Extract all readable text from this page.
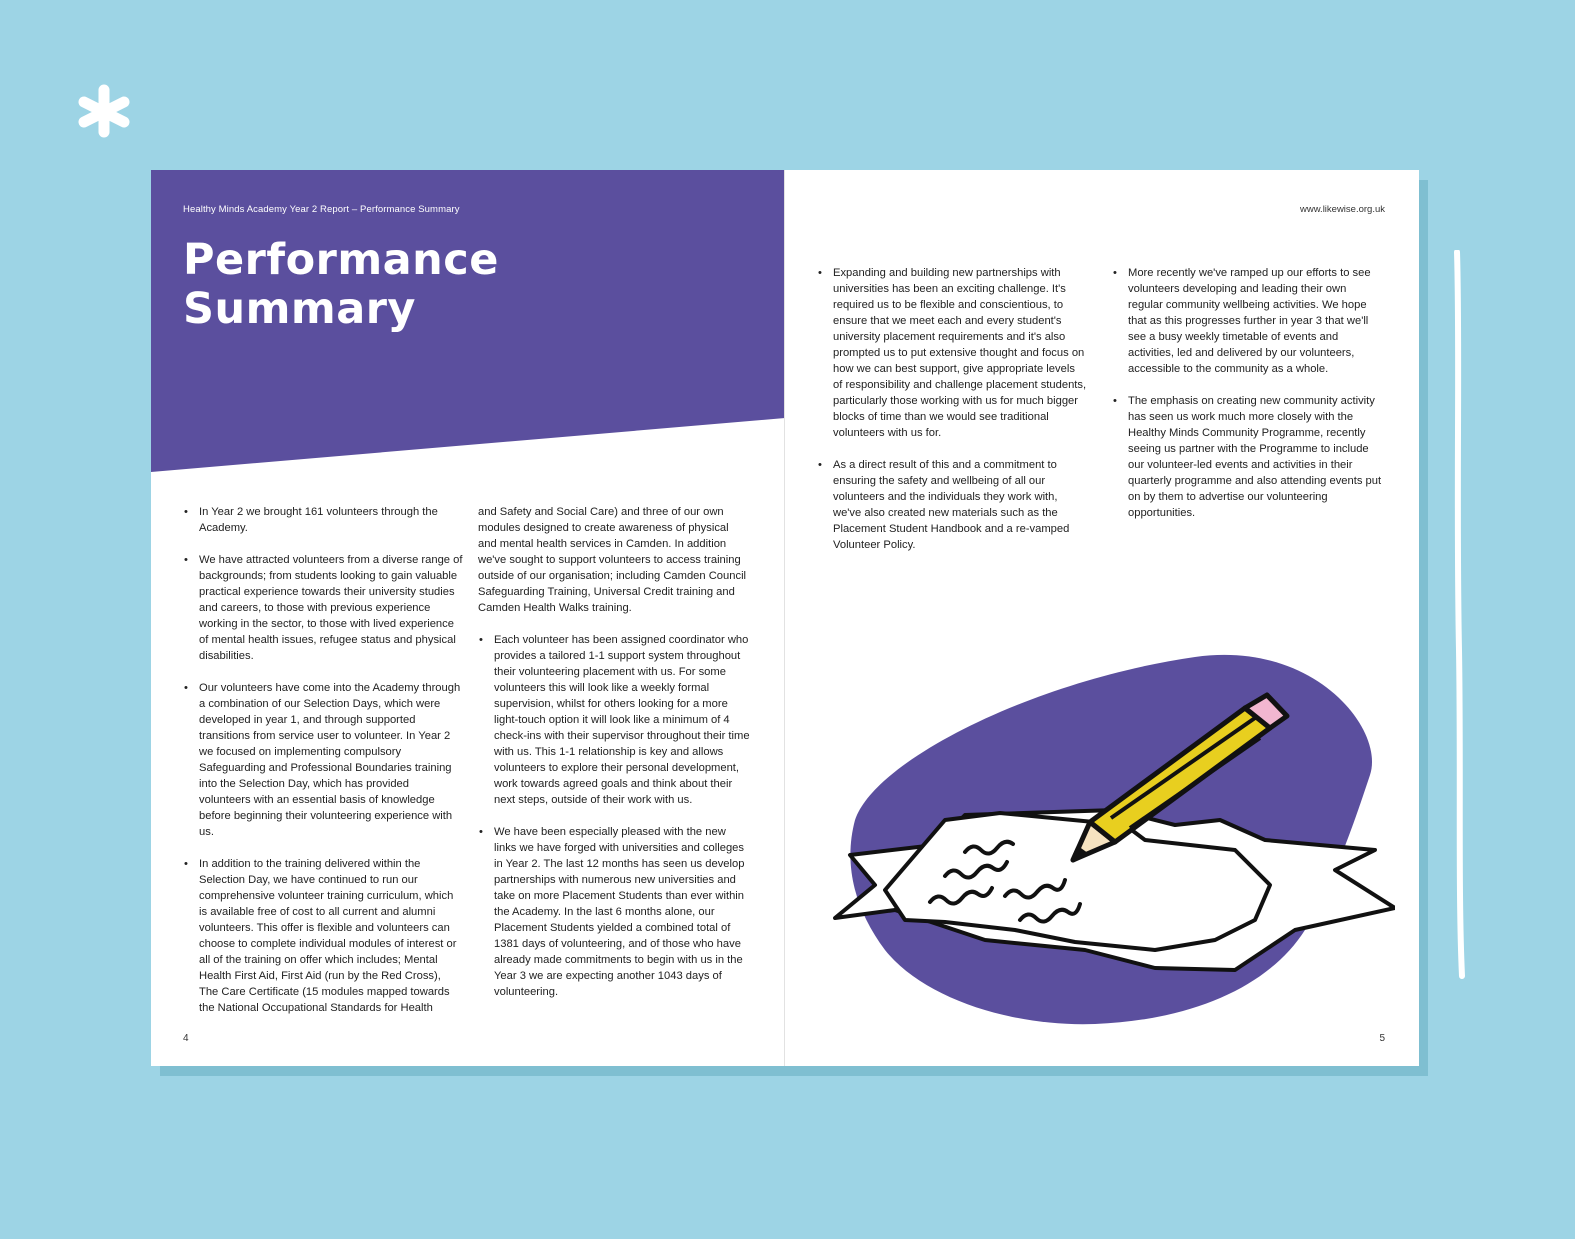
Healthy Minds Academy Year 2 Report – Performance Summary
Performance
Summary
• In Year 2 we brought 161 volunteers through the Academy.
• We have attracted volunteers from a diverse range of backgrounds; from students looking to gain valuable practical experience towards their university studies and careers, to those with previous experience working in the sector, to those with lived experience of mental health issues, refugee status and physical disabilities.
• Our volunteers have come into the Academy through a combination of our Selection Days, which were developed in year 1, and through supported transitions from service user to volunteer. In Year 2 we focused on implementing compulsory Safeguarding and Professional Boundaries training into the Selection Day, which has provided volunteers with an essential basis of knowledge before beginning their volunteering experience with us.
• In addition to the training delivered within the Selection Day, we have continued to run our comprehensive volunteer training curriculum, which is available free of cost to all current and alumni volunteers. This offer is flexible and volunteers can choose to complete individual modules of interest or all of the training on offer which includes; Mental Health First Aid, First Aid (run by the Red Cross), The Care Certificate (15 modules mapped towards the National Occupational Standards for Health
and Safety and Social Care) and three of our own modules designed to create awareness of physical and mental health services in Camden. In addition we've sought to support volunteers to access training outside of our organisation; including Camden Council Safeguarding Training, Universal Credit training and Camden Health Walks training.
• Each volunteer has been assigned coordinator who provides a tailored 1-1 support system throughout their volunteering placement with us. For some volunteers this will look like a weekly formal supervision, whilst for others looking for a more light-touch option it will look like a minimum of 4 check-ins with their supervisor throughout their time with us. This 1-1 relationship is key and allows volunteers to explore their personal development, work towards agreed goals and think about their next steps, outside of their work with us.
• We have been especially pleased with the new links we have forged with universities and colleges in Year 2. The last 12 months has seen us develop partnerships with numerous new universities and take on more Placement Students than ever within the Academy. In the last 6 months alone, our Placement Students yielded a combined total of 1381 days of volunteering, and of those who have already made commitments to begin with us in the Year 3 we are expecting another 1043 days of volunteering.
4
www.likewise.org.uk
• Expanding and building new partnerships with universities has been an exciting challenge. It's required us to be flexible and conscientious, to ensure that we meet each and every student's university placement requirements and it's also prompted us to put extensive thought and focus on how we can best support, give appropriate levels of responsibility and challenge placement students, particularly those working with us for much bigger blocks of time than we would see traditional volunteers with us for.
• As a direct result of this and a commitment to ensuring the safety and wellbeing of all our volunteers and the individuals they work with, we've also created new materials such as the Placement Student Handbook and a re-vamped Volunteer Policy.
• More recently we've ramped up our efforts to see volunteers developing and leading their own regular community wellbeing activities. We hope that as this progresses further in year 3 that we'll see a busy weekly timetable of events and activities, led and delivered by our volunteers, accessible to the community as a whole.
• The emphasis on creating new community activity has seen us work much more closely with the Healthy Minds Community Programme, recently seeing us partner with the Programme to include our volunteer-led events and activities in their quarterly programme and also attending events put on by them to advertise our volunteering opportunities.
5
